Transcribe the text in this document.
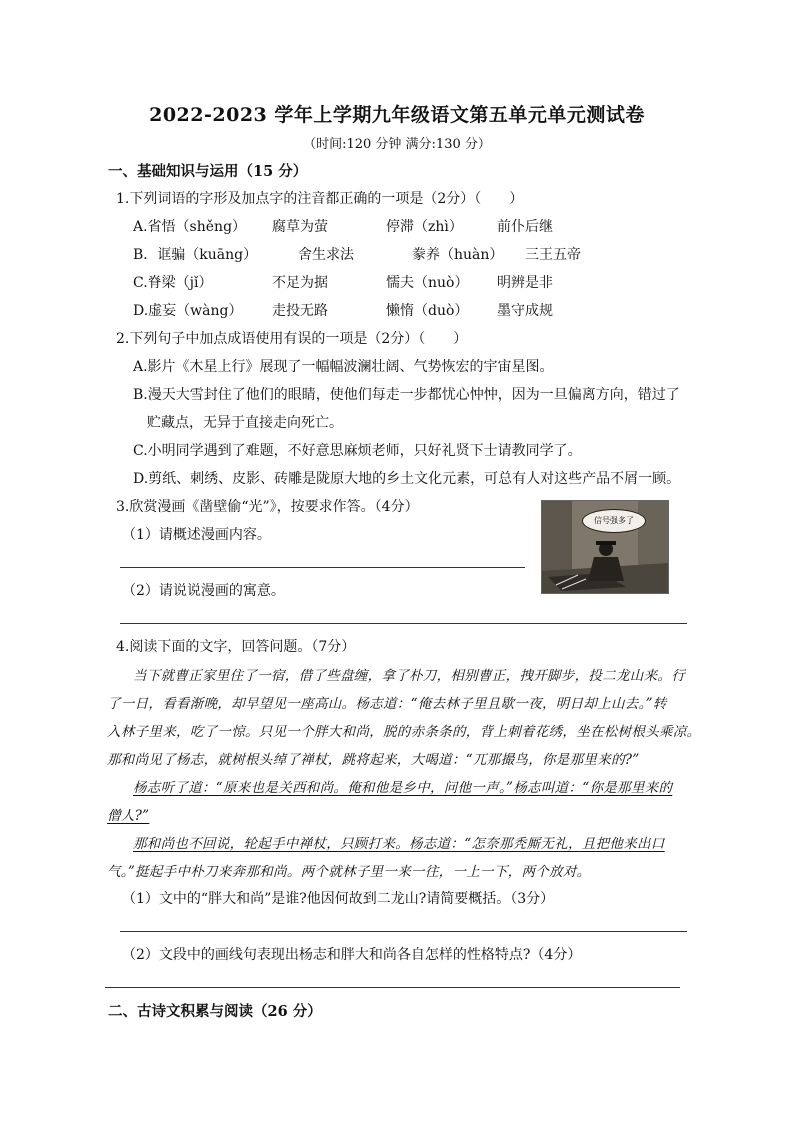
2022-2023 学年上学期九年级语文第五单元单元测试卷
（时间:120 分钟 满分:130 分）
一、基础知识与运用（15 分）
1.下列词语的字形及加点字的注音都正确的一项是（2分）（　　）
A.省悟（shěng） 腐草为萤	停滞（zhì） 前仆后继
B．诓骗（kuāng）	舍生求法	豢养（huàn） 三王五帝
C.脊梁（jǐ）	不足为据	懦夫（nuò） 明辨是非
D.虚妄（wàng） 走投无路	懒惰（duò） 墨守成规
2.下列句子中加点成语使用有误的一项是（2分）（　　）
A.影片《木星上行》展现了一幅幅波澜壮阔、气势恢宏的宇宙星图。
B.漫天大雪封住了他们的眼睛，使他们每走一步都忧心忡忡，因为一旦偏离方向，错过了
贮藏点，无异于直接走向死亡。
C.小明同学遇到了难题，不好意思麻烦老师，只好礼贤下士请教同学了。
D.剪纸、刺绣、皮影、砖雕是陇原大地的乡土文化元素，可总有人对这些产品不屑一顾。
3.欣赏漫画《凿壁偷“光”》，按要求作答。（4分）
（1）请概述漫画内容。
（2）请说说漫画的寓意。
信号强多了
4.阅读下面的文字，回答问题。（7分）
当下就曹正家里住了一宿，借了些盘缠，拿了朴刀，相别曹正，拽开脚步，投二龙山来。行
了一日，看看渐晚，却早望见一座高山。杨志道：“俺去林子里且歇一夜，明日却上山去。”转
入林子里来，吃了一惊。只见一个胖大和尚，脱的赤条条的，背上刺着花绣，坐在松树根头乘凉。
那和尚见了杨志，就树根头绰了禅杖，跳将起来，大喝道：“兀那撮鸟，你是那里来的?”
杨志听了道：“原来也是关西和尚。俺和他是乡中，问他一声。”杨志叫道：“你是那里来的
僧人?”
那和尚也不回说，轮起手中禅杖，只顾打来。杨志道：“怎奈那秃厮无礼，且把他来出口
气。”挺起手中朴刀来奔那和尚。两个就林子里一来一往，一上一下，两个放对。
（1）文中的“胖大和尚”是谁?他因何故到二龙山?请简要概括。（3分）
（2）文段中的画线句表现出杨志和胖大和尚各自怎样的性格特点?（4分）
二、古诗文积累与阅读（26 分）
